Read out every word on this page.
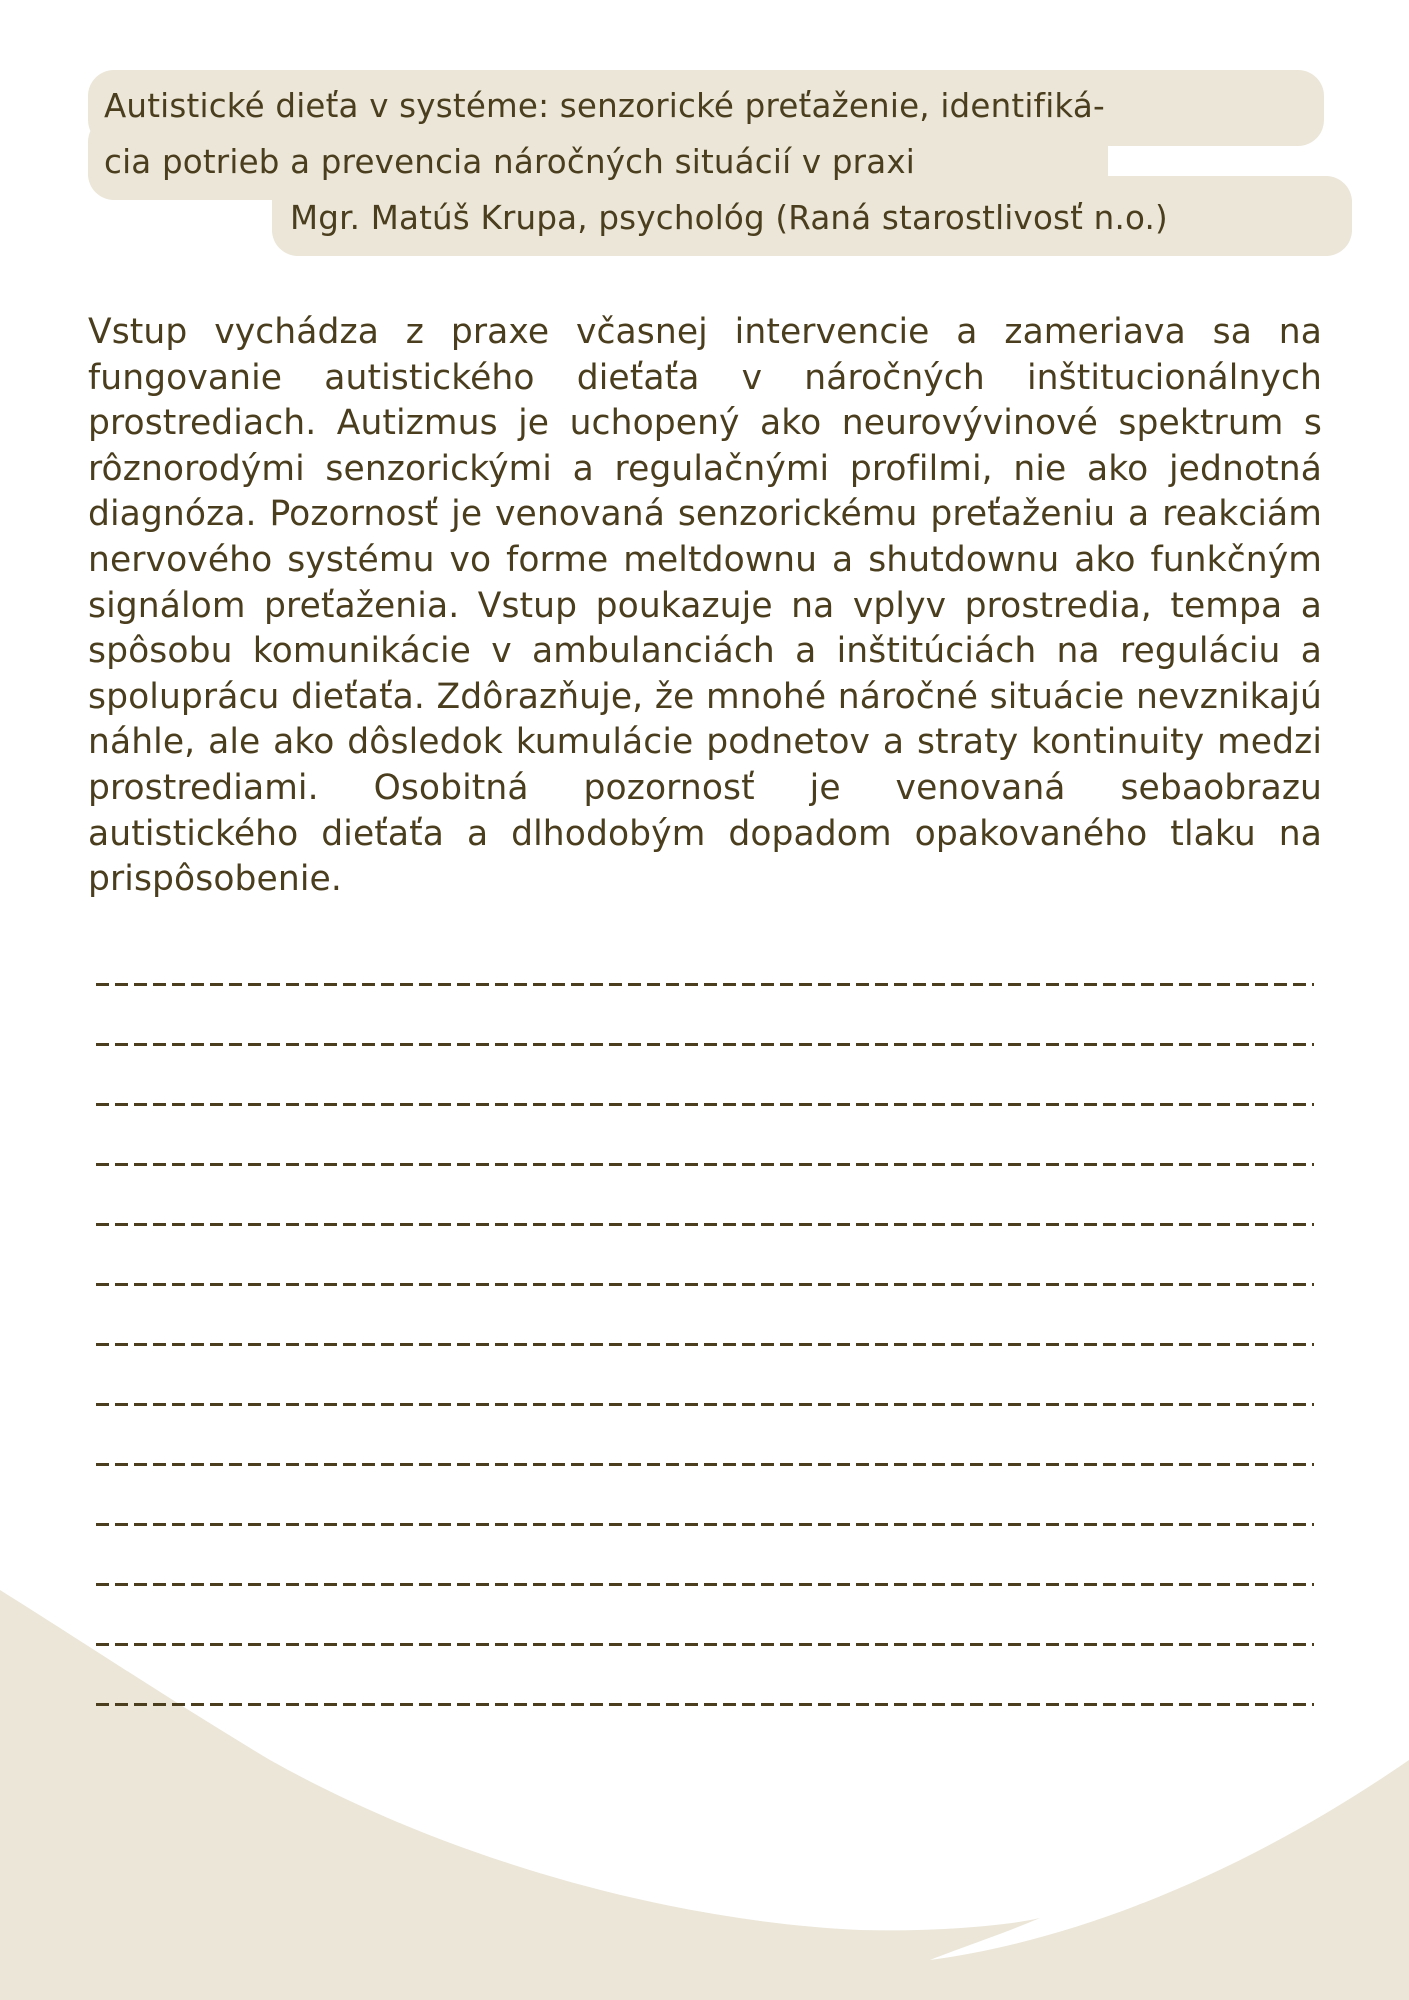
Autistické dieťa v systéme: senzorické preťaženie, identifiká-
cia potrieb a prevencia náročných situácií v praxi
Mgr. Matúš Krupa, psychológ (Raná starostlivosť n.o.)
Vstup vychádza z praxe včasnej intervencie a zameriava sa na fungovanie autistického dieťaťa v náročných inštitucionálnych prostrediach. Autizmus je uchopený ako neurovývinové spektrum s rôznorodými senzorickými a regulačnými profilmi, nie ako jednotná diagnóza. Pozornosť je venovaná senzorickému preťaženiu a reakciám nervového systému vo forme meltdownu a shutdownu ako funkčným signálom preťaženia. Vstup poukazuje na vplyv prostredia, tempa a spôsobu komunikácie v ambulanciách a inštitúciách na reguláciu a spoluprácu dieťaťa. Zdôrazňuje, že mnohé náročné situácie nevznikajú náhle, ale ako dôsledok kumulácie podnetov a straty kontinuity medzi prostrediami. Osobitná pozornosť je venovaná sebaobrazu autistického dieťaťa a dlhodobým dopadom opakovaného tlaku na prispôsobenie.
